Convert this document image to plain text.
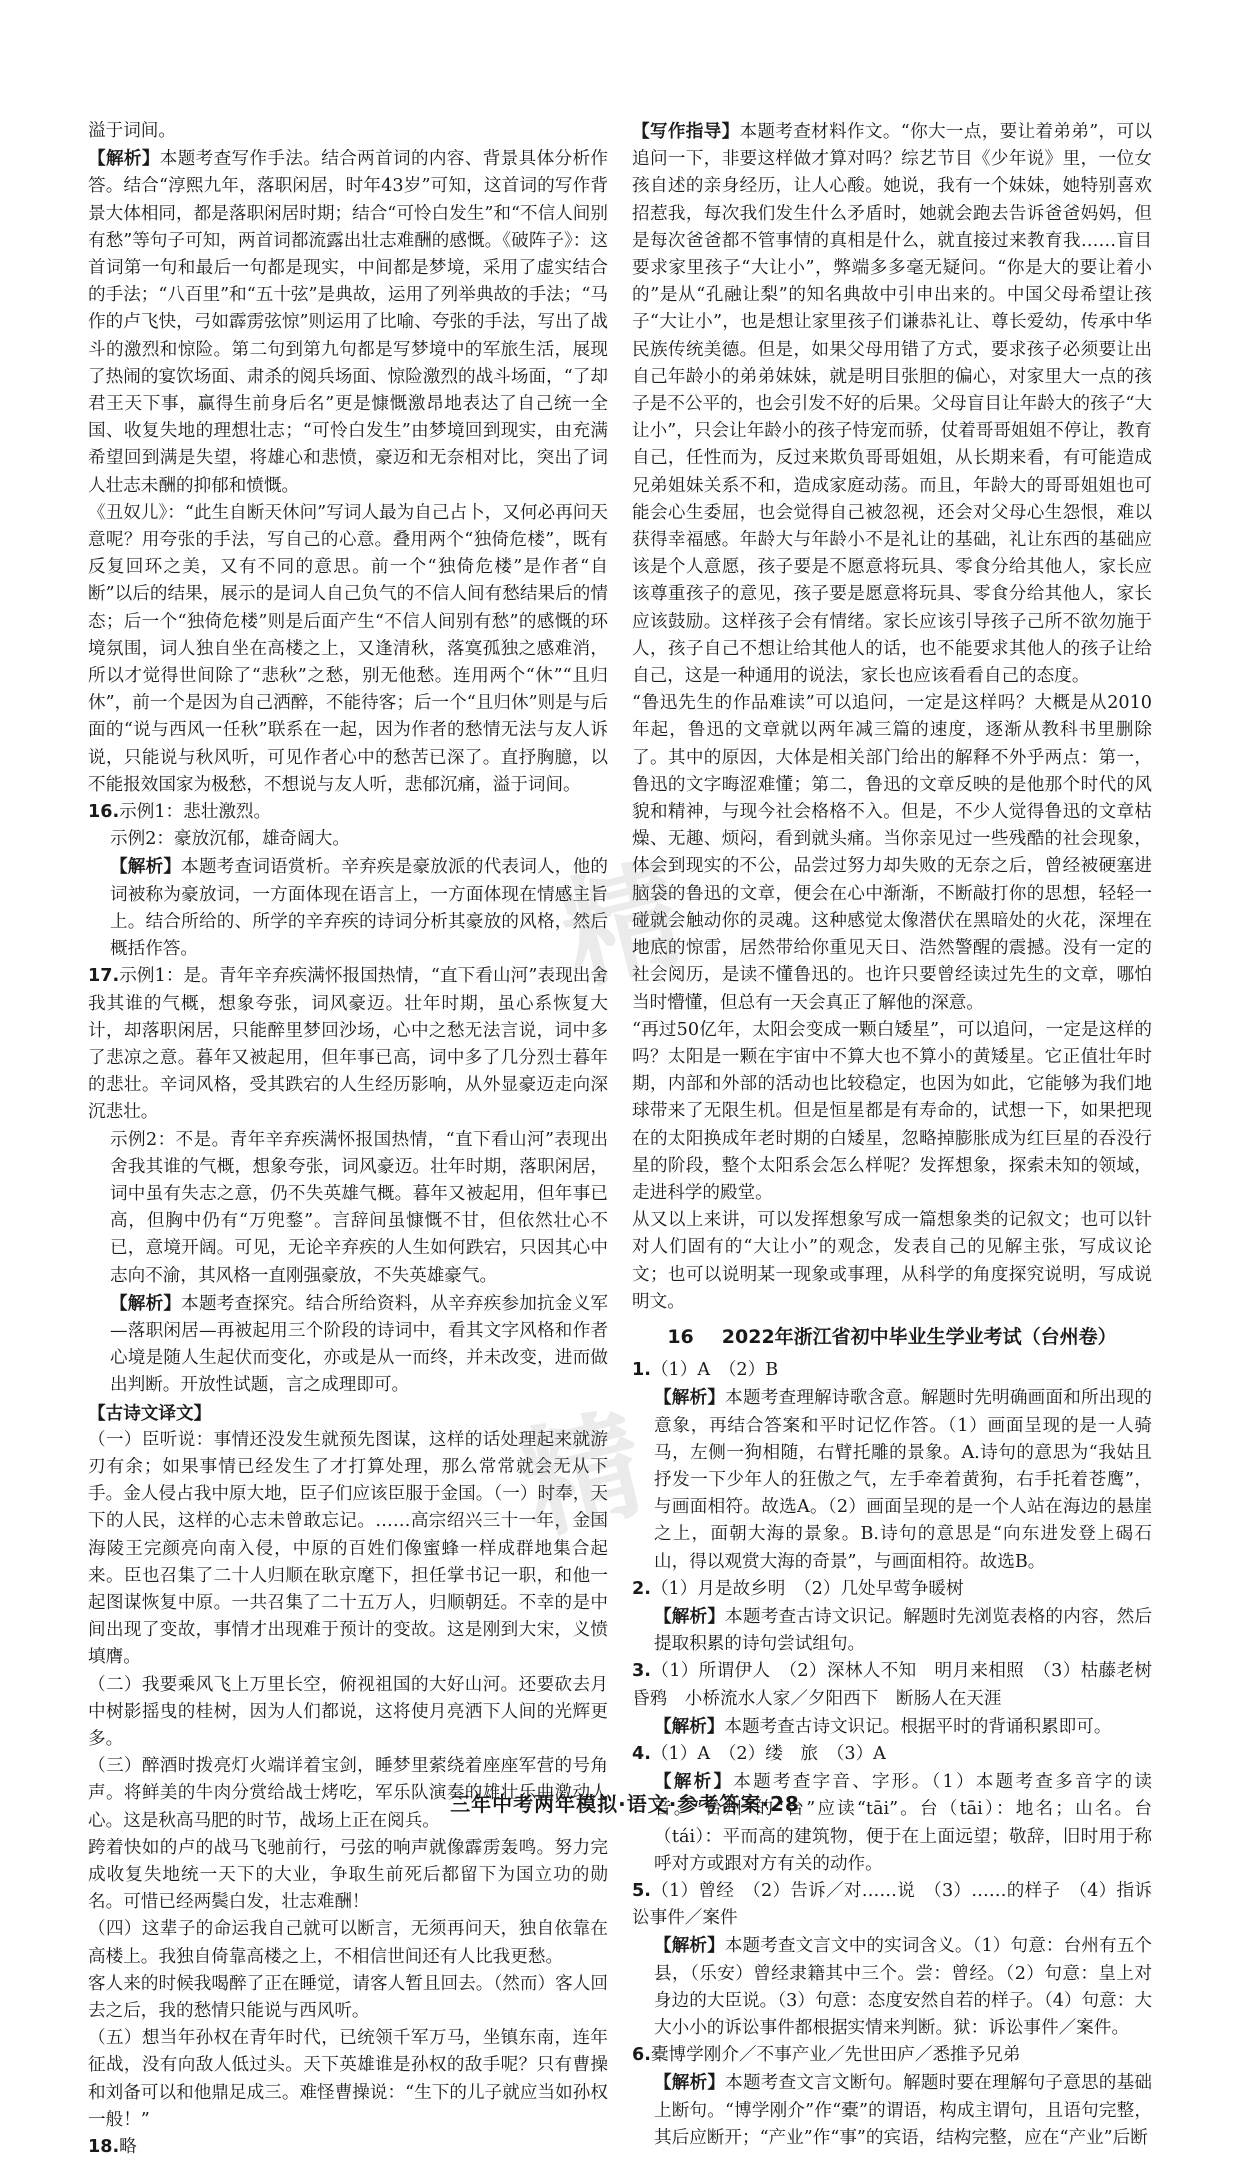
溢于词间。

【解析】本题考查写作手法。结合两首词的内容、背景具体分析作答。结合“淳熙九年，落职闲居，时年43岁”可知，这首词的写作背景大体相同，都是落职闲居时期；结合“可怜白发生”和“不信人间别有愁”等句子可知，两首词都流露出壮志难酬的感慨。《破阵子》：这首词第一句和最后一句都是现实，中间都是梦境，采用了虚实结合的手法；“八百里”和“五十弦”是典故，运用了列举典故的手法；“马作的卢飞快，弓如霹雳弦惊”则运用了比喻、夸张的手法，写出了战斗的激烈和惊险。第二句到第九句都是写梦境中的军旅生活，展现了热闹的宴饮场面、肃杀的阅兵场面、惊险激烈的战斗场面，“了却君王天下事，赢得生前身后名”更是慷慨激昂地表达了自己统一全国、收复失地的理想壮志；“可怜白发生”由梦境回到现实，由充满希望回到满是失望，将雄心和悲愤，豪迈和无奈相对比，突出了词人壮志未酬的抑郁和愤慨。

《丑奴儿》：“此生自断天休问”写词人最为自己占卜，又何必再问天意呢？用夸张的手法，写自己的心意。叠用两个“独倚危楼”，既有反复回环之美，又有不同的意思。前一个“独倚危楼”是作者“自断”以后的结果，展示的是词人自己负气的不信人间有愁结果后的情态；后一个“独倚危楼”则是后面产生“不信人间别有愁”的感慨的环境氛围，词人独自坐在高楼之上，又逢清秋，落寞孤独之感难消，所以才觉得世间除了“悲秋”之愁，别无他愁。连用两个“休”“且归休”，前一个是因为自己洒醉，不能待客；后一个“且归休”则是与后面的“说与西风一任秋”联系在一起，因为作者的愁情无法与友人诉说，只能说与秋风听，可见作者心中的愁苦已深了。直抒胸臆，以不能报效国家为极愁，不想说与友人听，悲郁沉痛，溢于词间。

16.示例1：悲壮激烈。

示例2：豪放沉郁，雄奇阔大。

【解析】本题考查词语赏析。辛弃疾是豪放派的代表词人，他的词被称为豪放词，一方面体现在语言上，一方面体现在情感主旨上。结合所给的、所学的辛弃疾的诗词分析其豪放的风格，然后概括作答。

17.示例1：是。青年辛弃疾满怀报国热情，“直下看山河”表现出舍我其谁的气概，想象夸张，词风豪迈。壮年时期，虽心系恢复大计，却落职闲居，只能醉里梦回沙场，心中之愁无法言说，词中多了悲凉之意。暮年又被起用，但年事已高，词中多了几分烈士暮年的悲壮。辛词风格，受其跌宕的人生经历影响，从外显豪迈走向深沉悲壮。

示例2：不是。青年辛弃疾满怀报国热情，“直下看山河”表现出舍我其谁的气概，想象夸张，词风豪迈。壮年时期，落职闲居，词中虽有失志之意，仍不失英雄气概。暮年又被起用，但年事已高，但胸中仍有“万兜鍪”。言辞间虽慷慨不甘，但依然壮心不已，意境开阔。可见，无论辛弃疾的人生如何跌宕，只因其心中志向不渝，其风格一直刚强豪放，不失英雄豪气。

【解析】本题考查探究。结合所给资料，从辛弃疾参加抗金义军—落职闲居—再被起用三个阶段的诗词中，看其文字风格和作者心境是随人生起伏而变化，亦或是从一而终，并未改变，进而做出判断。开放性试题，言之成理即可。

【古诗文译文】

（一）臣听说：事情还没发生就预先图谋，这样的话处理起来就游刃有余；如果事情已经发生了才打算处理，那么常常就会无从下手。金人侵占我中原大地，臣子们应该臣服于金国。（一）时奉，天下的人民，这样的心志未曾敢忘记。……高宗绍兴三十一年，金国海陵王完颜亮向南入侵，中原的百姓们像蜜蜂一样成群地集合起来。臣也召集了二十人归顺在耿京麾下，担任掌书记一职，和他一起图谋恢复中原。一共召集了二十五万人，归顺朝廷。不幸的是中间出现了变故，事情才出现难于预计的变故。这是刚到大宋，义愤填膺。

（二）我要乘风飞上万里长空，俯视祖国的大好山河。还要砍去月中树影摇曳的桂树，因为人们都说，这将使月亮洒下人间的光辉更多。

（三）醉酒时拨亮灯火端详着宝剑，睡梦里萦绕着座座军营的号角声。将鲜美的牛肉分赏给战士烤吃，军乐队演奏的雄壮乐曲激动人心。这是秋高马肥的时节，战场上正在阅兵。

跨着快如的卢的战马飞驰前行，弓弦的响声就像霹雳轰鸣。努力完成收复失地统一天下的大业，争取生前死后都留下为国立功的勋名。可惜已经两鬓白发，壮志难酬！

（四）这辈子的命运我自己就可以断言，无须再问天，独自依靠在高楼上。我独自倚靠高楼之上，不相信世间还有人比我更愁。

客人来的时候我喝醉了正在睡觉，请客人暂且回去。（然而）客人回去之后，我的愁情只能说与西风听。

（五）想当年孙权在青年时代，已统领千军万马，坐镇东南，连年征战，没有向敌人低过头。天下英雄谁是孙权的敌手呢？只有曹操和刘备可以和他鼎足成三。难怪曹操说：“生下的儿子就应当如孙权一般！”

18.略

【写作指导】本题考查材料作文。“你大一点，要让着弟弟”，可以追问一下，非要这样做才算对吗？综艺节目《少年说》里，一位女孩自述的亲身经历，让人心酸。她说，我有一个妹妹，她特别喜欢招惹我，每次我们发生什么矛盾时，她就会跑去告诉爸爸妈妈，但是每次爸爸都不管事情的真相是什么，就直接过来教育我……盲目要求家里孩子“大让小”，弊端多多毫无疑问。“你是大的要让着小的”是从“孔融让梨”的知名典故中引申出来的。中国父母希望让孩子“大让小”，也是想让家里孩子们谦恭礼让、尊长爱幼，传承中华民族传统美德。但是，如果父母用错了方式，要求孩子必须要让出自己年龄小的弟弟妹妹，就是明目张胆的偏心，对家里大一点的孩子是不公平的，也会引发不好的后果。父母盲目让年龄大的孩子“大让小”，只会让年龄小的孩子恃宠而骄，仗着哥哥姐姐不停让，教育自己，任性而为，反过来欺负哥哥姐姐，从长期来看，有可能造成兄弟姐妹关系不和，造成家庭动荡。而且，年龄大的哥哥姐姐也可能会心生委屈，也会觉得自己被忽视，还会对父母心生怨恨，难以获得幸福感。年龄大与年龄小不是礼让的基础，礼让东西的基础应该是个人意愿，孩子要是不愿意将玩具、零食分给其他人，家长应该尊重孩子的意见，孩子要是愿意将玩具、零食分给其他人，家长应该鼓励。这样孩子会有情绪。家长应该引导孩子己所不欲勿施于人，孩子自己不想让给其他人的话，也不能要求其他人的孩子让给自己，这是一种通用的说法，家长也应该看看自己的态度。

“鲁迅先生的作品难读”可以追问，一定是这样吗？大概是从2010年起，鲁迅的文章就以两年减三篇的速度，逐渐从教科书里删除了。其中的原因，大体是相关部门给出的解释不外乎两点：第一，鲁迅的文字晦涩难懂；第二，鲁迅的文章反映的是他那个时代的风貌和精神，与现今社会格格不入。但是，不少人觉得鲁迅的文章枯燥、无趣、烦闷，看到就头痛。当你亲见过一些残酷的社会现象，体会到现实的不公，品尝过努力却失败的无奈之后，曾经被硬塞进脑袋的鲁迅的文章，便会在心中渐渐，不断敲打你的思想，轻轻一碰就会触动你的灵魂。这种感觉太像潜伏在黑暗处的火花，深埋在地底的惊雷，居然带给你重见天日、浩然警醒的震撼。没有一定的社会阅历，是读不懂鲁迅的。也许只要曾经读过先生的文章，哪怕当时懵懂，但总有一天会真正了解他的深意。

“再过50亿年，太阳会变成一颗白矮星”，可以追问，一定是这样的吗？太阳是一颗在宇宙中不算大也不算小的黄矮星。它正值壮年时期，内部和外部的活动也比较稳定，也因为如此，它能够为我们地球带来了无限生机。但是恒星都是有寿命的，试想一下，如果把现在的太阳换成年老时期的白矮星，忽略掉膨胀成为红巨星的吞没行星的阶段，整个太阳系会怎么样呢？发挥想象，探索未知的领域，走进科学的殿堂。

从又以上来讲，可以发挥想象写成一篇想象类的记叙文；也可以针对人们固有的“大让小”的观念，发表自己的见解主张，写成议论文；也可以说明某一现象或事理，从科学的角度探究说明，写成说明文。

16 2022年浙江省初中毕业生学业考试（台州卷）

1.（1）A　（2）B

【解析】本题考查理解诗歌含意。解题时先明确画面和所出现的意象，再结合答案和平时记忆作答。（1）画面呈现的是一人骑马，左侧一狗相随，右臂托雕的景象。A.诗句的意思为“我姑且抒发一下少年人的狂傲之气，左手牵着黄狗，右手托着苍鹰”，与画面相符。故选A。（2）画面呈现的是一个人站在海边的悬崖之上，面朝大海的景象。B.诗句的意思是“向东进发登上碣石山，得以观赏大海的奇景”，与画面相符。故选B。

2.（1）月是故乡明　（2）几处早莺争暖树

【解析】本题考查古诗文识记。解题时先浏览表格的内容，然后提取积累的诗句尝试组句。

3.（1）所谓伊人　（2）深林人不知　明月来相照　（3）枯藤老树昏鸦　小桥流水人家／夕阳西下　断肠人在天涯

【解析】本题考查古诗文识记。根据平时的背诵积累即可。

4.（1）A　（2）缕　旅　（3）A

【解析】本题考查字音、字形。（1）本题考查多音字的读音。“台州”的“台”应读“tāi”。台（tāi）：地名；山名。台（tái）：平而高的建筑物，便于在上面远望；敬辞，旧时用于称呼对方或跟对方有关的动作。

5.（1）曾经　（2）告诉／对……说　（3）……的样子　（4）指诉讼事件／案件

【解析】本题考查文言文中的实词含义。（1）句意：台州有五个县，（乐安）曾经隶籍其中三个。尝：曾经。（2）句意：皇上对身边的大臣说。（3）句意：态度安然自若的样子。（4）句意：大大小小的诉讼事件都根据实情来判断。狱：诉讼事件／案件。

6.橐博学刚介／不事产业／先世田庐／悉推予兄弟

【解析】本题考查文言文断句。解题时要在理解句子意思的基础上断句。“博学刚介”作“橐”的谓语，构成主谓句，且语句完整，其后应断开；“产业”作“事”的宾语，结构完整，应在“产业”后断

精
精
三年中考两年模拟·语文·参考答案·28
